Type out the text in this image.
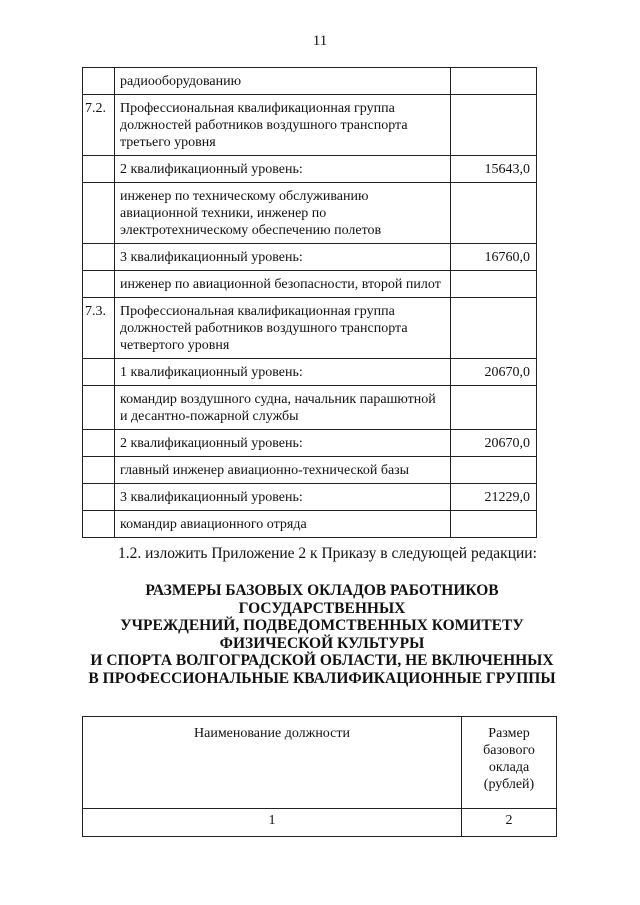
11
	радиооборудованию	
7.2.	Профессиональная квалификационная группа должностей работников воздушного транспорта третьего уровня	
	2 квалификационный уровень:	15643,0
	инженер по техническому обслуживанию авиационной техники, инженер по электротехническому обеспечению полетов	
	3 квалификационный уровень:	16760,0
	инженер по авиационной безопасности, второй пилот	
7.3.	Профессиональная квалификационная группа должностей работников воздушного транспорта четвертого уровня	
	1 квалификационный уровень:	20670,0
	командир воздушного судна, начальник парашютной и десантно-пожарной службы	
	2 квалификационный уровень:	20670,0
	главный инженер авиационно-технической базы	
	3 квалификационный уровень:	21229,0
	командир авиационного отряда	
1.2. изложить Приложение 2 к Приказу в следующей редакции:
РАЗМЕРЫ БАЗОВЫХ ОКЛАДОВ РАБОТНИКОВ
ГОСУДАРСТВЕННЫХ
УЧРЕЖДЕНИЙ, ПОДВЕДОМСТВЕННЫХ КОМИТЕТУ
ФИЗИЧЕСКОЙ КУЛЬТУРЫ
И СПОРТА ВОЛГОГРАДСКОЙ ОБЛАСТИ, НЕ ВКЛЮЧЕННЫХ
В ПРОФЕССИОНАЛЬНЫЕ КВАЛИФИКАЦИОННЫЕ ГРУППЫ
Наименование должности	Размер
базового
оклада
(рублей)

1	2
